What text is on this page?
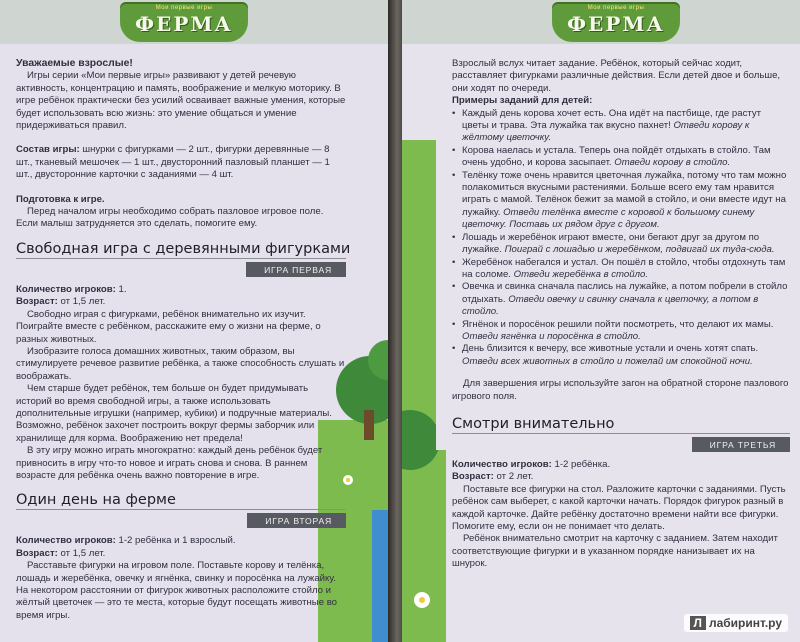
Мои первые игры
ФЕРМА

Уважаемые взрослые!

Игры серии «Мои первые игры» развивают у детей речевую активность, концентрацию и память, воображение и мелкую моторику. В игре ребёнок практически без усилий осваивает важные умения, которые будет использовать всю жизнь: это умение общаться и умение придерживаться правил.

Состав игры: шнурки с фигурками — 2 шт., фигурки деревянные — 8 шт., тканевый мешочек — 1 шт., двусторонний пазловый планшет — 1 шт., двусторонние карточки с заданиями — 4 шт.

Подготовка к игре.

Перед началом игры необходимо собрать пазловое игровое поле. Если малыш затрудняется это сделать, помогите ему.

Свободная игра с деревянными фигурками
ИГРА ПЕРВАЯ

Количество игроков: 1.

Возраст: от 1,5 лет.

Свободно играя с фигурками, ребёнок внимательно их изучит. Поиграйте вместе с ребёнком, расскажите ему о жизни на ферме, о разных животных.

Изобразите голоса домашних животных, таким образом, вы стимулируете речевое развитие ребёнка, а также способность слушать и воображать.

Чем старше будет ребёнок, тем больше он будет придумывать историй во время свободной игры, а также использовать дополнительные игрушки (например, кубики) и подручные материалы. Возможно, ребёнок захочет построить вокруг фермы заборчик или хранилище для корма. Воображению нет предела!

В эту игру можно играть многократно: каждый день ребёнок будет привносить в игру что-то новое и играть снова и снова. В раннем возрасте для ребёнка очень важно повторение в игре.

Один день на ферме
ИГРА ВТОРАЯ

Количество игроков: 1-2 ребёнка и 1 взрослый.

Возраст: от 1,5 лет.

Расставьте фигурки на игровом поле. Поставьте корову и телёнка, лошадь и жеребёнка, овечку и ягнёнка, свинку и поросёнка на лужайку. На некотором расстоянии от фигурок животных расположите стойло и жёлтый цветочек — это те места, которые будут посещать животные во время игры.

Мои первые игры
ФЕРМА

Взрослый вслух читает задание. Ребёнок, который сейчас ходит, расставляет фигурками различные действия. Если детей двое и больше, они ходят по очереди.

Примеры заданий для детей:

• Каждый день корова хочет есть. Она идёт на пастбище, где растут цветы и трава. Эта лужайка так вкусно пахнет! Отведи корову к жёлтому цветочку.
• Корова наелась и устала. Теперь она пойдёт отдыхать в стойло. Там очень удобно, и корова засыпает. Отведи корову в стойло.
• Телёнку тоже очень нравится цветочная лужайка, потому что там можно полакомиться вкусными растениями. Больше всего ему там нравится играть с мамой. Телёнок бежит за мамой в стойло, и они вместе идут на лужайку. Отведи телёнка вместе с коровой к большому синему цветочку. Поставь их рядом друг с другом.
• Лошадь и жеребёнок играют вместе, они бегают друг за другом по лужайке. Поиграй с лошадью и жеребёнком, подвигай их туда-сюда.
• Жеребёнок набегался и устал. Он пошёл в стойло, чтобы отдохнуть там на соломе. Отведи жеребёнка в стойло.
• Овечка и свинка сначала паслись на лужайке, а потом побрели в стойло отдыхать. Отведи овечку и свинку сначала к цветочку, а потом в стойло.
• Ягнёнок и поросёнок решили пойти посмотреть, что делают их мамы. Отведи ягнёнка и поросёнка в стойло.
• День близится к вечеру, все животные устали и очень хотят спать. Отведи всех животных в стойло и пожелай им спокойной ночи.

Для завершения игры используйте загон на обратной стороне пазлового игрового поля.

Смотри внимательно
ИГРА ТРЕТЬЯ

Количество игроков: 1-2 ребёнка.

Возраст: от 2 лет.

Поставьте все фигурки на стол. Разложите карточки с заданиями. Пусть ребёнок сам выберет, с какой карточки начать. Порядок фигурок разный в каждой карточке. Дайте ребёнку достаточно времени найти все фигурки. Помогите ему, если он не понимает что делать.

Ребёнок внимательно смотрит на карточку с заданием. Затем находит соответствующие фигурки и в указанном порядке нанизывает их на шнурок.

Л лабиринт.ру
